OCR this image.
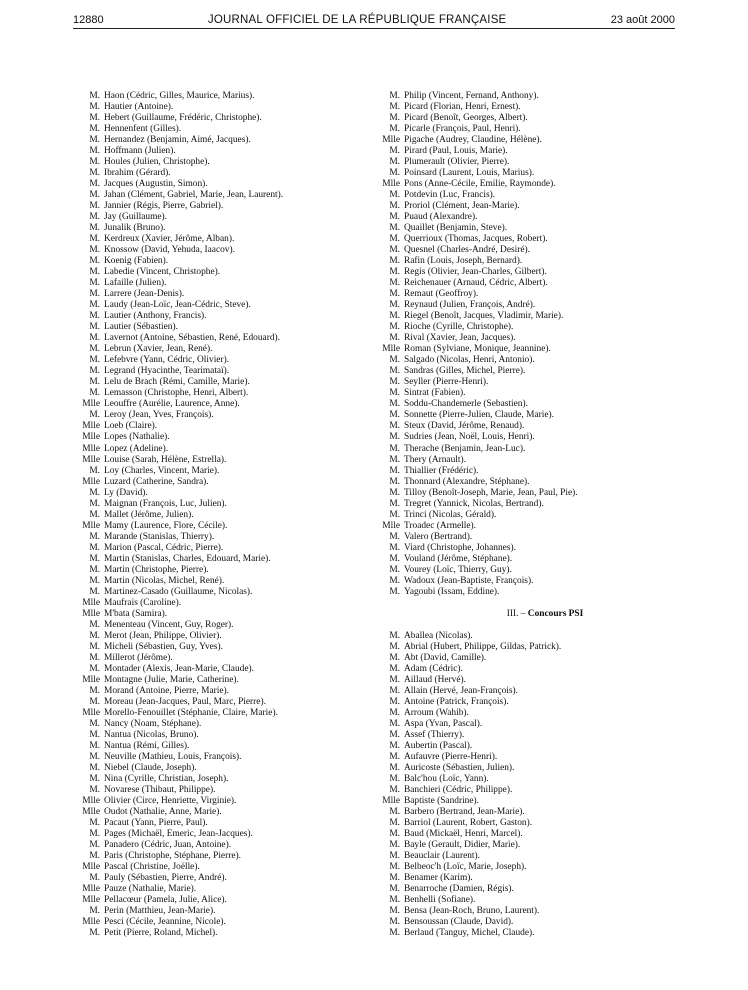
12880	JOURNAL OFFICIEL DE LA RÉPUBLIQUE FRANÇAISE	23 août 2000
M. Haon (Cédric, Gilles, Maurice, Marius).
M. Hautier (Antoine).
M. Hebert (Guillaume, Frédéric, Christophe).
M. Hennenfent (Gilles).
M. Hernandez (Benjamin, Aimé, Jacques).
M. Hoffmann (Julien).
M. Houles (Julien, Christophe).
M. Ibrahim (Gérard).
M. Jacques (Augustin, Simon).
M. Jahan (Clément, Gabriel, Marie, Jean, Laurent).
M. Jannier (Régis, Pierre, Gabriel).
M. Jay (Guillaume).
M. Junalik (Bruno).
M. Kerdreux (Xavier, Jérôme, Alban).
M. Knossow (David, Yehuda, Iaacov).
M. Koenig (Fabien).
M. Labedie (Vincent, Christophe).
M. Lafaille (Julien).
M. Larrere (Jean-Denis).
M. Laudy (Jean-Loïc, Jean-Cédric, Steve).
M. Lautier (Anthony, Francis).
M. Lautier (Sébastien).
M. Lavernot (Antoine, Sébastien, René, Edouard).
M. Lebrun (Xavier, Jean, René).
M. Lefebvre (Yann, Cédric, Olivier).
M. Legrand (Hyacinthe, Tearimataï).
M. Lelu de Brach (Rémi, Camille, Marie).
M. Lemasson (Christophe, Henri, Albert).
Mlle Leouffre (Aurélie, Laurence, Anne).
M. Leroy (Jean, Yves, François).
Mlle Loeb (Claire).
Mlle Lopes (Nathalie).
Mlle Lopez (Adeline).
Mlle Louise (Sarah, Hélène, Estrella).
M. Loy (Charles, Vincent, Marie).
Mlle Luzard (Catherine, Sandra).
M. Ly (David).
M. Maignan (François, Luc, Julien).
M. Mallet (Jérôme, Julien).
Mlle Mamy (Laurence, Flore, Cécile).
M. Marande (Stanislas, Thierry).
M. Marion (Pascal, Cédric, Pierre).
M. Martin (Stanislas, Charles, Edouard, Marie).
M. Martin (Christophe, Pierre).
M. Martin (Nicolas, Michel, René).
M. Martinez-Casado (Guillaume, Nicolas).
Mlle Maufrais (Caroline).
Mlle M'bata (Samira).
M. Menenteau (Vincent, Guy, Roger).
M. Merot (Jean, Philippe, Olivier).
M. Micheli (Sébastien, Guy, Yves).
M. Millerot (Jérôme).
M. Montader (Alexis, Jean-Marie, Claude).
Mlle Montagne (Julie, Marie, Catherine).
M. Morand (Antoine, Pierre, Marie).
M. Moreau (Jean-Jacques, Paul, Marc, Pierre).
Mlle Morello-Fenouillet (Stéphanie, Claire, Marie).
M. Nancy (Noam, Stéphane).
M. Nantua (Nicolas, Bruno).
M. Nantua (Rémi, Gilles).
M. Neuville (Mathieu, Louis, François).
M. Niebel (Claude, Joseph).
M. Nina (Cyrille, Christian, Joseph).
M. Novarese (Thibaut, Philippe).
Mlle Olivier (Circe, Henriette, Virginie).
Mlle Oudot (Nathalie, Anne, Marie).
M. Pacaut (Yann, Pierre, Paul).
M. Pages (Michaël, Emeric, Jean-Jacques).
M. Panadero (Cédric, Juan, Antoine).
M. Paris (Christophe, Stéphane, Pierre).
Mlle Pascal (Christine, Joëlle).
M. Pauly (Sébastien, Pierre, André).
Mlle Pauze (Nathalie, Marie).
Mlle Pellacœur (Pamela, Julie, Alice).
M. Perin (Matthieu, Jean-Marie).
Mlle Pesci (Cécile, Jeannine, Nicole).
M. Petit (Pierre, Roland, Michel).
M. Philip (Vincent, Fernand, Anthony).
M. Picard (Florian, Henri, Ernest).
M. Picard (Benoît, Georges, Albert).
M. Picarle (François, Paul, Henri).
Mlle Pigache (Audrey, Claudine, Hélène).
M. Pirard (Paul, Louis, Marie).
M. Plumerault (Olivier, Pierre).
M. Poinsard (Laurent, Louis, Marius).
Mlle Pons (Anne-Cécile, Emilie, Raymonde).
M. Potdevin (Luc, Francis).
M. Proriol (Clément, Jean-Marie).
M. Puaud (Alexandre).
M. Quaillet (Benjamin, Steve).
M. Querrioux (Thomas, Jacques, Robert).
M. Quesnel (Charles-André, Desiré).
M. Rafin (Louis, Joseph, Bernard).
M. Regis (Olivier, Jean-Charles, Gilbert).
M. Reichenauer (Arnaud, Cédric, Albert).
M. Remaut (Geoffroy).
M. Reynaud (Julien, François, André).
M. Riegel (Benoît, Jacques, Vladimir, Marie).
M. Rioche (Cyrille, Christophe).
M. Rival (Xavier, Jean, Jacques).
Mlle Roman (Sylviane, Monique, Jeannine).
M. Salgado (Nicolas, Henri, Antonio).
M. Sandras (Gilles, Michel, Pierre).
M. Seyller (Pierre-Henri).
M. Sintrat (Fabien).
M. Soddu-Chandemerle (Sebastien).
M. Sonnette (Pierre-Julien, Claude, Marie).
M. Steux (David, Jérôme, Renaud).
M. Sudries (Jean, Noël, Louis, Henri).
M. Therache (Benjamin, Jean-Luc).
M. Thery (Arnault).
M. Thiallier (Frédéric).
M. Thonnard (Alexandre, Stéphane).
M. Tilloy (Benoît-Joseph, Marie, Jean, Paul, Pie).
M. Tregret (Yannick, Nicolas, Bertrand).
M. Trinci (Nicolas, Gérald).
Mlle Troadec (Armelle).
M. Valero (Bertrand).
M. Viard (Christophe, Johannes).
M. Vouland (Jérôme, Stéphane).
M. Vourey (Loïc, Thierry, Guy).
M. Wadoux (Jean-Baptiste, François).
M. Yagoubi (Issam, Eddine).
III. – Concours PSI
M. Aballea (Nicolas).
M. Abrial (Hubert, Philippe, Gildas, Patrick).
M. Abt (David, Camille).
M. Adam (Cédric).
M. Aillaud (Hervé).
M. Allain (Hervé, Jean-François).
M. Antoine (Patrick, François).
M. Arroum (Wahib).
M. Aspa (Yvan, Pascal).
M. Assef (Thierry).
M. Aubertin (Pascal).
M. Aufauvre (Pierre-Henri).
M. Auricoste (Sébastien, Julien).
M. Balc'hou (Loïc, Yann).
M. Banchieri (Cédric, Philippe).
Mlle Baptiste (Sandrine).
M. Barbero (Bertrand, Jean-Marie).
M. Barriol (Laurent, Robert, Gaston).
M. Baud (Mickaël, Henri, Marcel).
M. Bayle (Gerault, Didier, Marie).
M. Beauclair (Laurent).
M. Belbeoc'h (Loïc, Marie, Joseph).
M. Benamer (Karim).
M. Benarroche (Damien, Régis).
M. Benhelli (Sofiane).
M. Bensa (Jean-Roch, Bruno, Laurent).
M. Bensoussan (Claude, David).
M. Berlaud (Tanguy, Michel, Claude).
